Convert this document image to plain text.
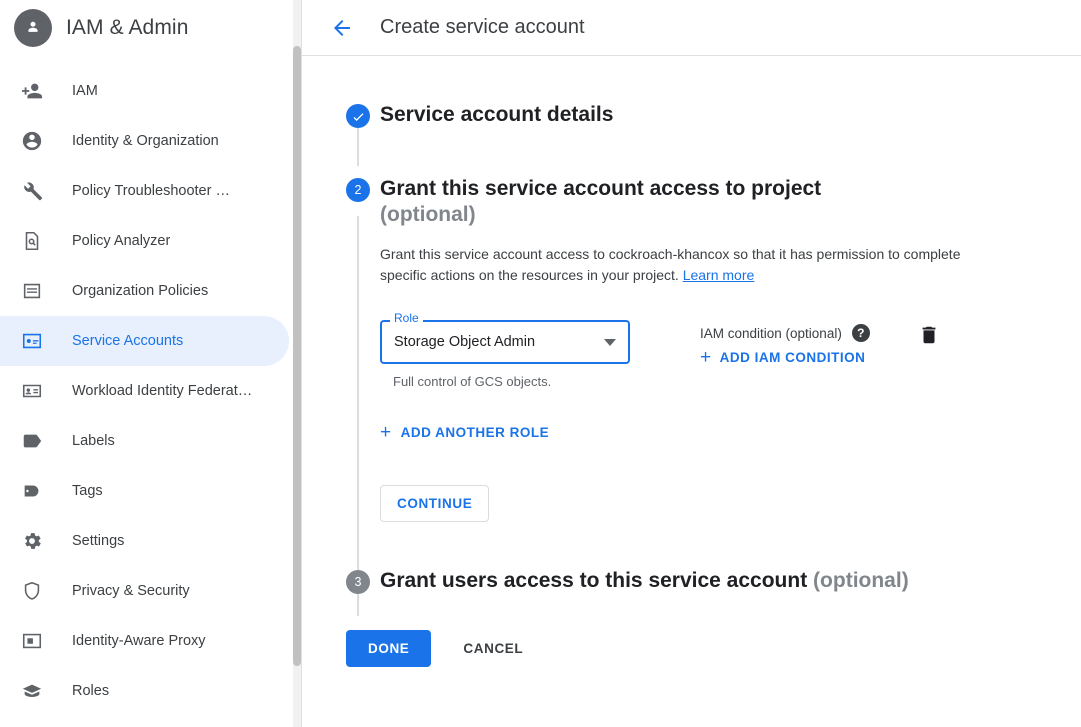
IAM & Admin
IAM
Identity & Organization
Policy Troubleshooter …
Policy Analyzer
Organization Policies
Service Accounts
Workload Identity Federat…
Labels
Tags
Settings
Privacy & Security
Identity-Aware Proxy
Roles
Create service account
Service account details
2 Grant this service account access to project
(optional)
Grant this service account access to cockroach-khancox so that it has permission to complete specific actions on the resources in your project. Learn more
Role
Storage Object Admin
Full control of GCS objects.
IAM condition (optional)	?
+ ADD IAM CONDITION
+ ADD ANOTHER ROLE
CONTINUE
3 Grant users access to this service account (optional)
DONE	CANCEL
